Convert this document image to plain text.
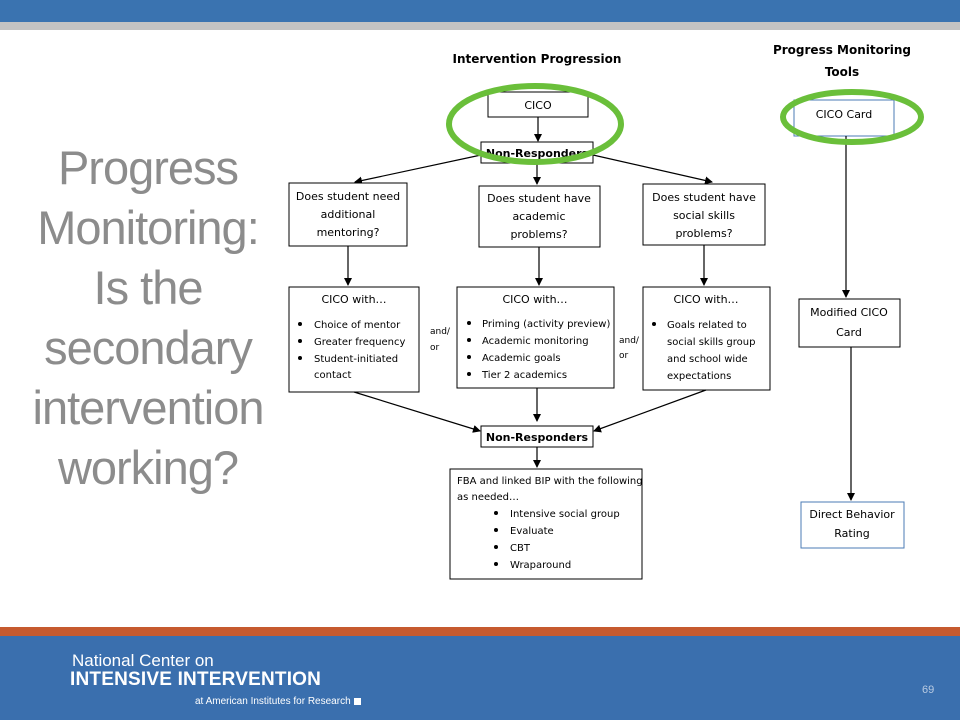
Progress
Monitoring:
Is the
secondary
intervention
working?
Intervention Progression
Progress Monitoring
Tools
CICO
Non-Responders
Does student need
additional
mentoring?
Does student have
academic
problems?
Does student have
social skills
problems?
CICO with…
Choice of mentor
Greater frequency
Student-initiated
contact
and/
or
CICO with…
Priming (activity preview)
Academic monitoring
Academic goals
Tier 2 academics
and/
or
CICO with…
Goals related to
social skills group
and school wide
expectations
Non-Responders
FBA and linked BIP with the following
as needed…
Intensive social group
Evaluate
CBT
Wraparound
CICO Card
Modified CICO
Card
Direct Behavior
Rating
National Center on
INTENSIVE INTERVENTION
at American Institutes for Research
69
